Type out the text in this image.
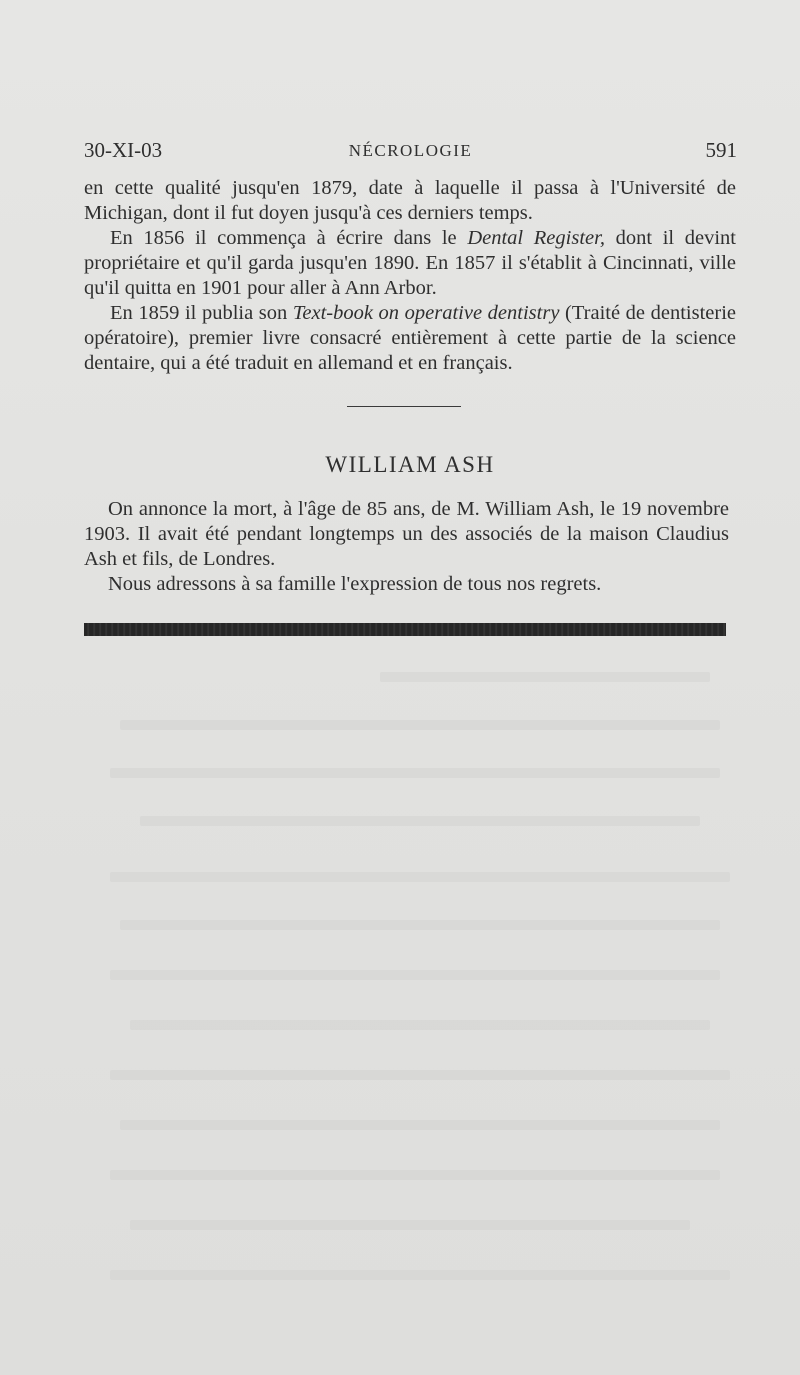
30-XI-03	NÉCROLOGIE	591

en cette qualité jusqu'en 1879, date à laquelle il passa à l'Université de Michigan, dont il fut doyen jusqu'à ces derniers temps.

En 1856 il commença à écrire dans le Dental Register, dont il devint propriétaire et qu'il garda jusqu'en 1890. En 1857 il s'établit à Cincinnati, ville qu'il quitta en 1901 pour aller à Ann Arbor.

En 1859 il publia son Text-book on operative dentistry (Traité de dentisterie opératoire), premier livre consacré entièrement à cette partie de la science dentaire, qui a été traduit en allemand et en français.

WILLIAM ASH

On annonce la mort, à l'âge de 85 ans, de M. William Ash, le 19 novembre 1903. Il avait été pendant longtemps un des associés de la maison Claudius Ash et fils, de Londres.

Nous adressons à sa famille l'expression de tous nos regrets.
